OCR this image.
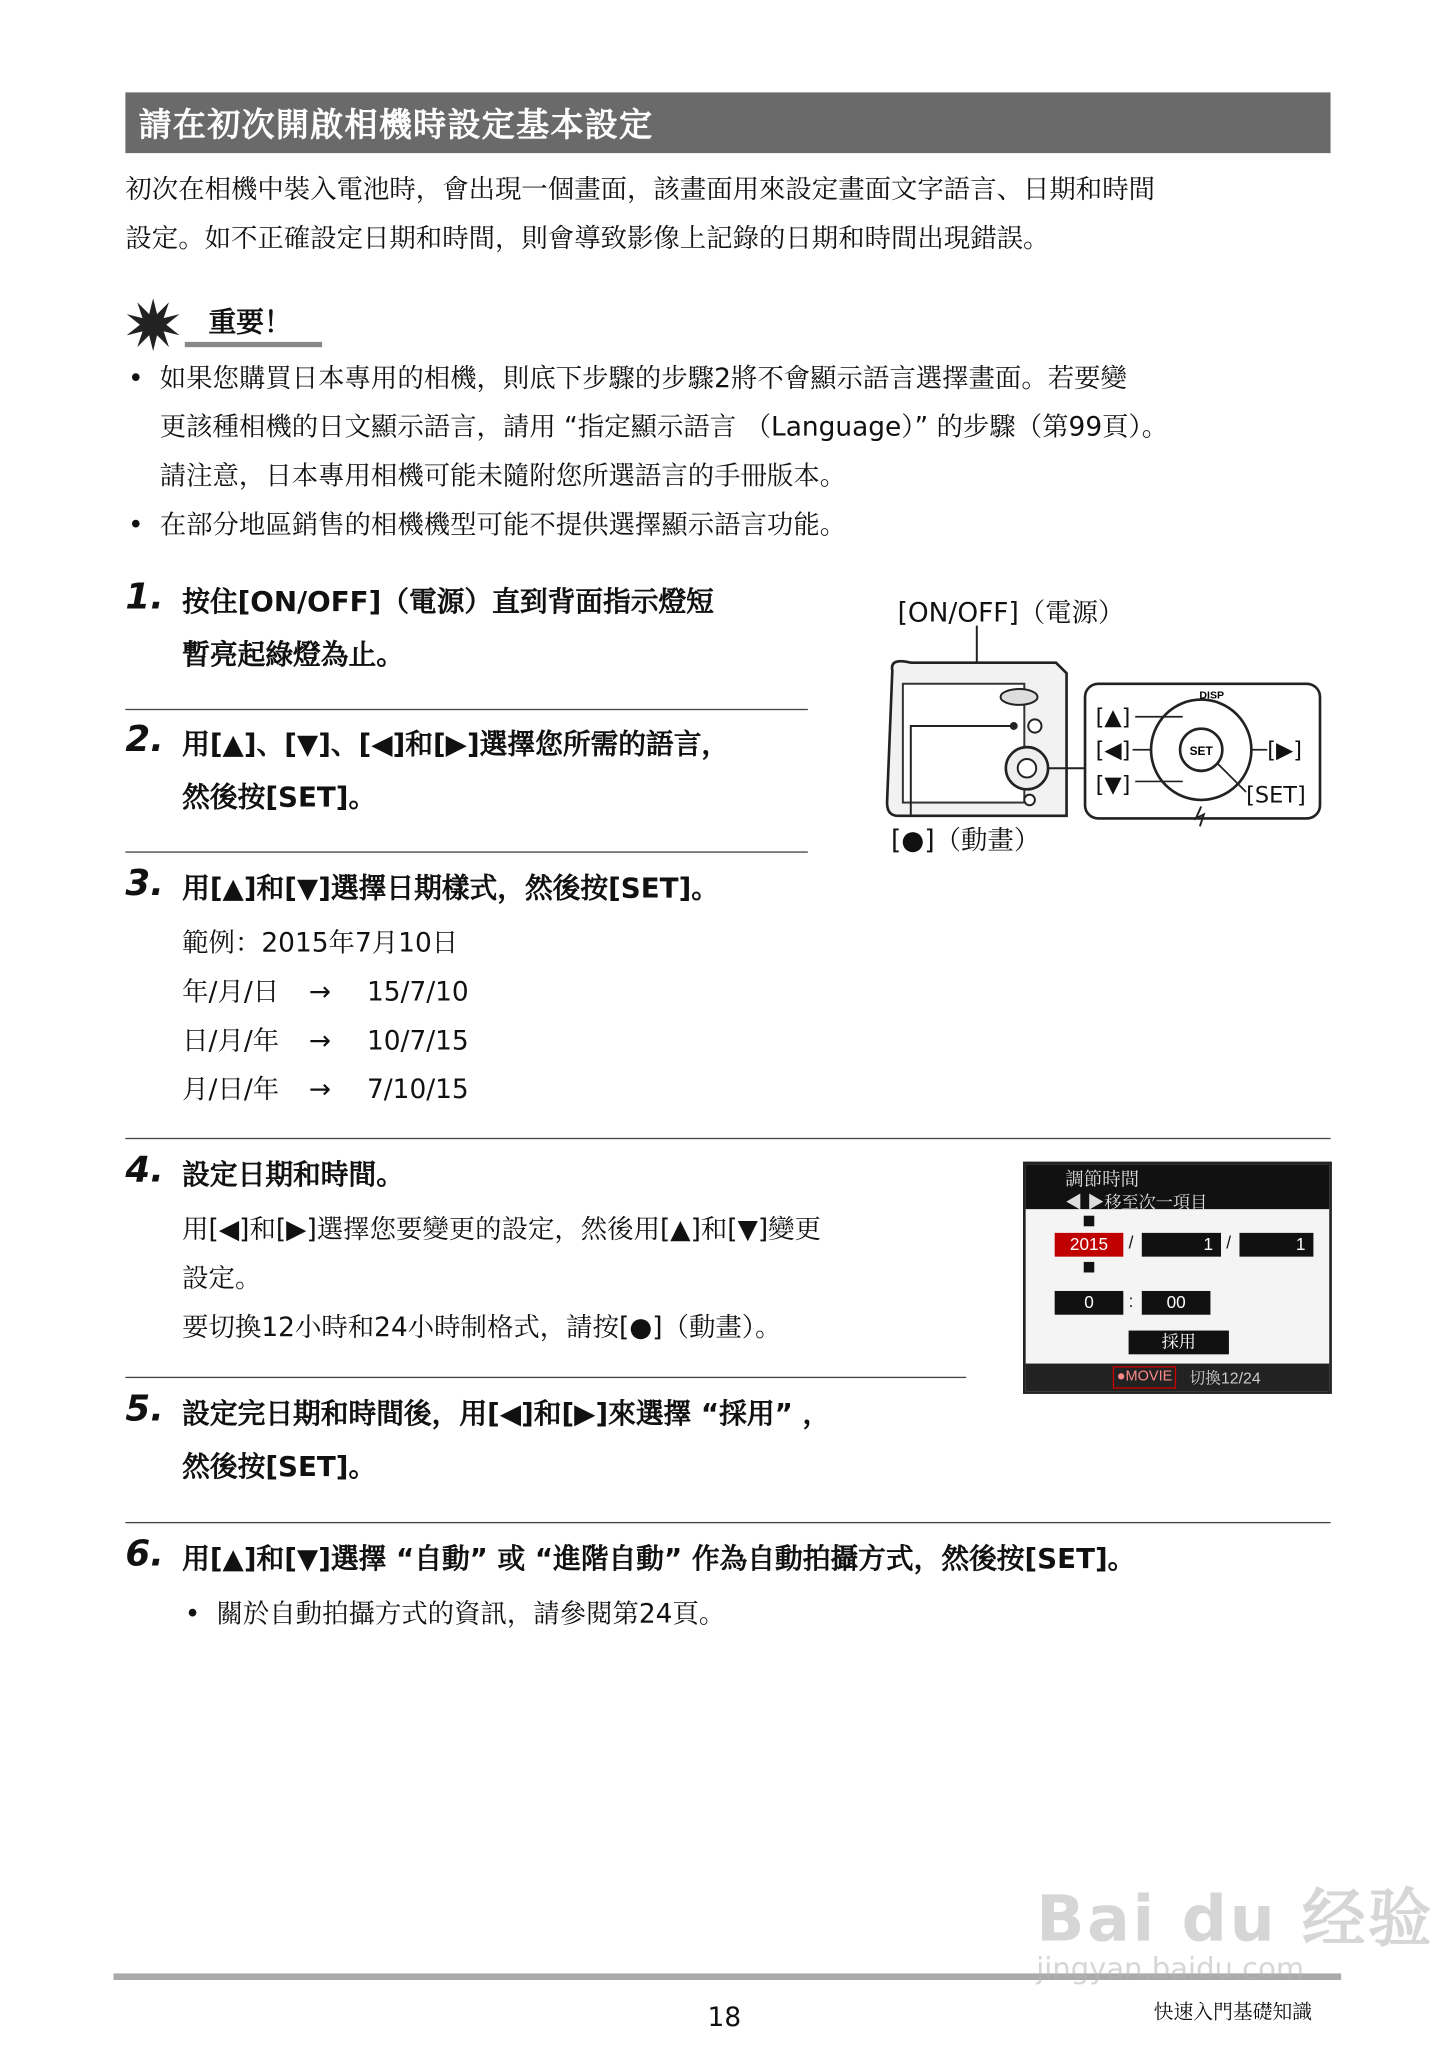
請在初次開啟相機時設定基本設定
初次在相機中裝入電池時，會出現一個畫面，該畫面用來設定畫面文字語言、日期和時間
設定。如不正確設定日期和時間，則會導致影像上記錄的日期和時間出現錯誤。
重要！
• 如果您購買日本專用的相機，則底下步驟的步驟2將不會顯示語言選擇畫面。若要變
更該種相機的日文顯示語言，請用 “指定顯示語言 （Language）” 的步驟（第99頁）。
請注意，日本專用相機可能未隨附您所選語言的手冊版本。
• 在部分地區銷售的相機機型可能不提供選擇顯示語言功能。
1. 按住[ON/OFF]（電源）直到背面指示燈短
暫亮起綠燈為止。
2. 用[▲]、[▼]、[◀]和[▶]選擇您所需的語言，
然後按[SET]。
3. 用[▲]和[▼]選擇日期樣式，然後按[SET]。
範例：2015年7月10日
年/月/日	→	15/7/10
日/月/年	→	10/7/15
月/日/年	→	7/10/15
4. 設定日期和時間。
用[◀]和[▶]選擇您要變更的設定，然後用[▲]和[▼]變更
設定。
要切換12小時和24小時制格式，請按[●]（動畫）。
5. 設定完日期和時間後，用[◀]和[▶]來選擇 “採用” ，
然後按[SET]。
6. 用[▲]和[▼]選擇 “自動” 或 “進階自動” 作為自動拍攝方式，然後按[SET]。
• 關於自動拍攝方式的資訊，請參閱第24頁。
[ON/OFF]（電源）
[●]（動畫）
SET
DISP
[▲]
[◀]
[▼]
[▶]
[SET]
調節時間
◀ ▶移至次一項目
2015	/	1	/	1
0	:	00
採用
●MOVIE	切換12/24
18	快速入門基礎知識
Bai du 经验
jingyan.baidu.com
